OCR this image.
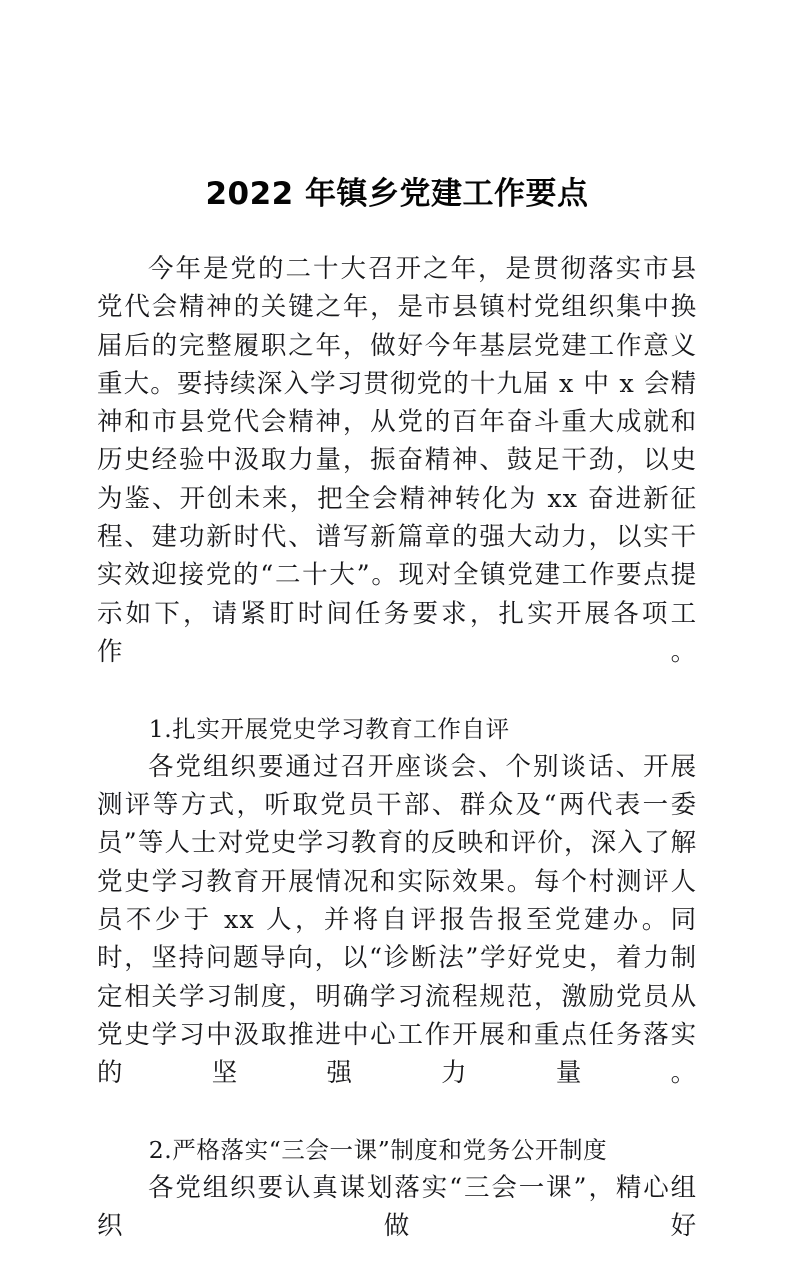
2022 年镇乡党建工作要点

今年是党的二十大召开之年，是贯彻落实市县党代会精神的关键之年，是市县镇村党组织集中换届后的完整履职之年，做好今年基层党建工作意义重大。要持续深入学习贯彻党的十九届 x 中 x 会精神和市县党代会精神，从党的百年奋斗重大成就和历史经验中汲取力量，振奋精神、鼓足干劲，以史为鉴、开创未来，把全会精神转化为 xx 奋进新征程、建功新时代、谱写新篇章的强大动力，以实干实效迎接党的“二十大”。现对全镇党建工作要点提示如下，请紧盯时间任务要求，扎实开展各项工作。

1.扎实开展党史学习教育工作自评

各党组织要通过召开座谈会、个别谈话、开展测评等方式，听取党员干部、群众及“两代表一委员”等人士对党史学习教育的反映和评价，深入了解党史学习教育开展情况和实际效果。每个村测评人员不少于 xx 人，并将自评报告报至党建办。同时，坚持问题导向，以“诊断法”学好党史，着力制定相关学习制度，明确学习流程规范，激励党员从党史学习中汲取推进中心工作开展和重点任务落实的坚强力量。

2.严格落实“三会一课”制度和党务公开制度

各党组织要认真谋划落实“三会一课”，精心组织做好
